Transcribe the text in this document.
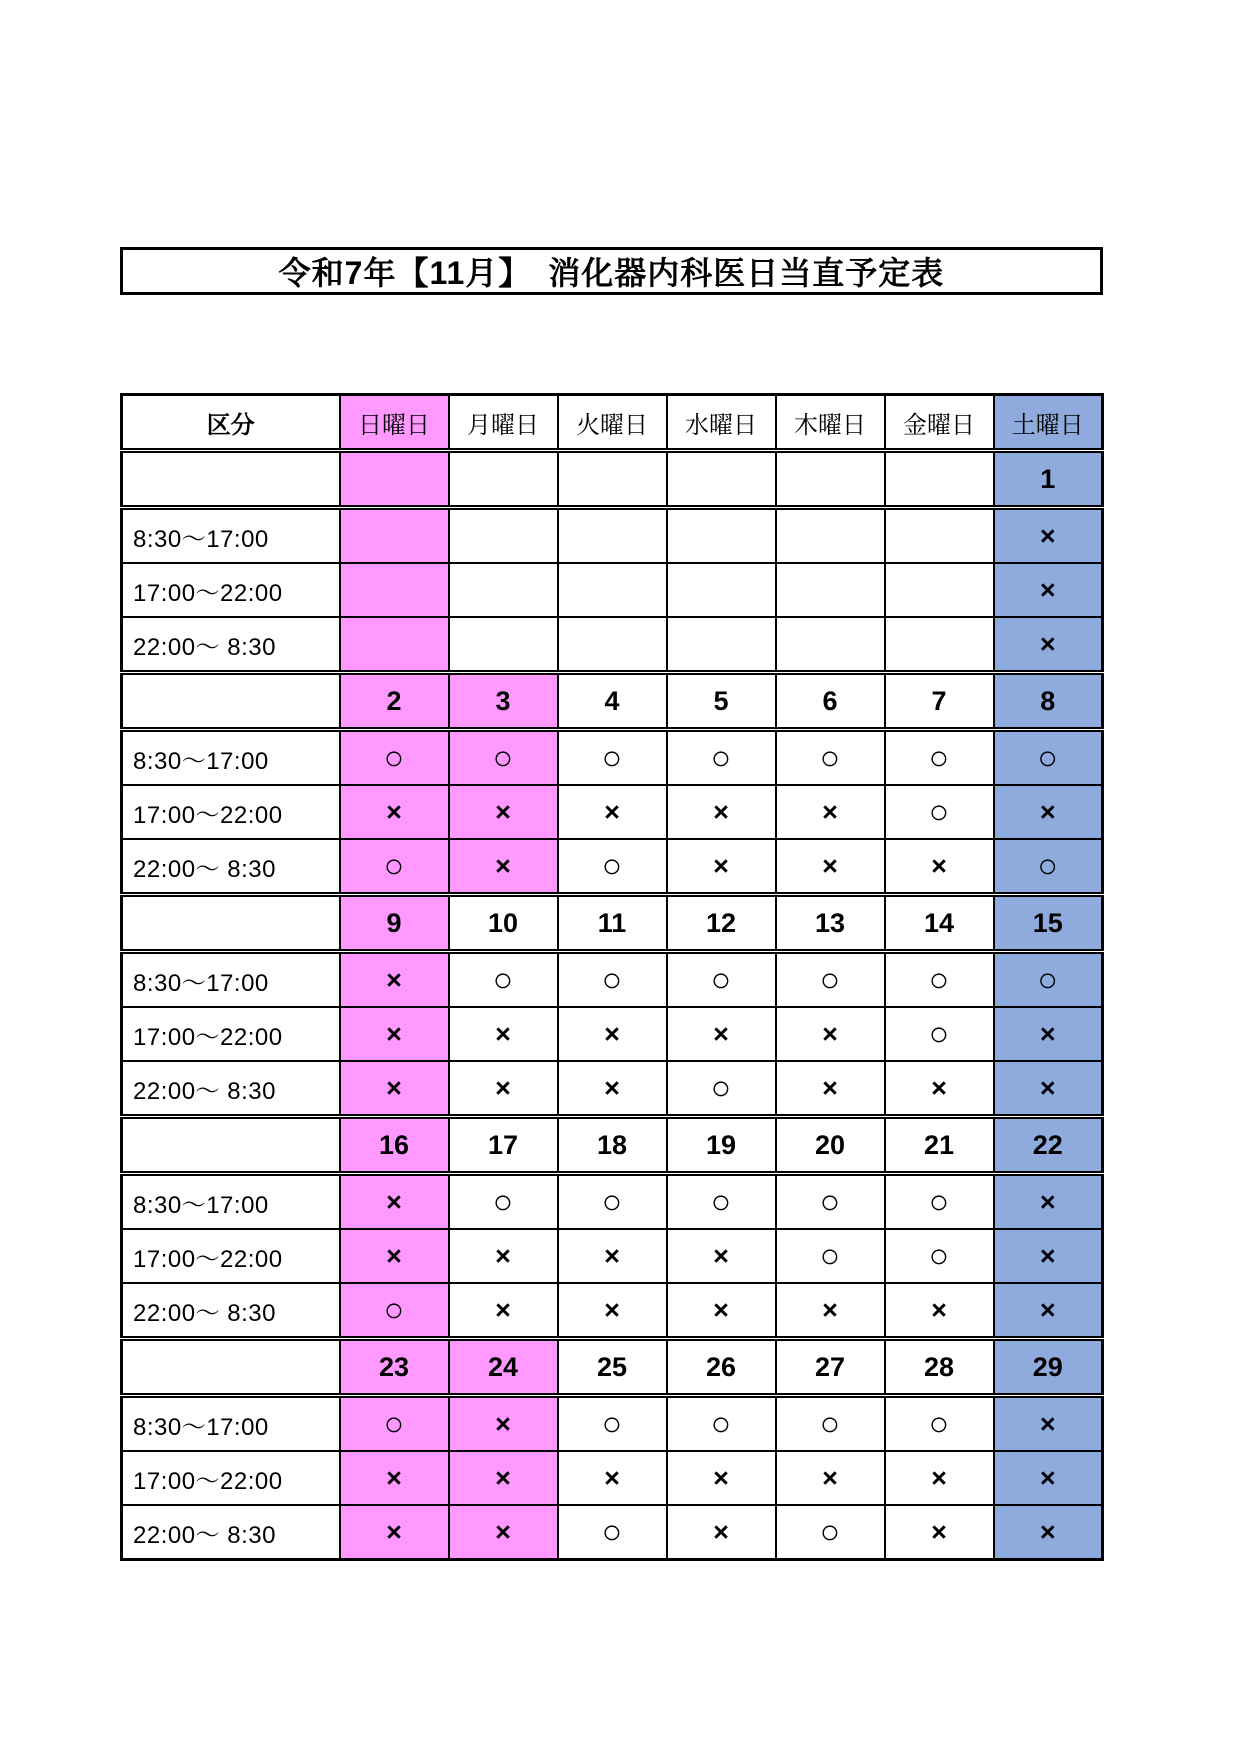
令和7年【11月】　消化器内科医日当直予定表
区分	日曜日	月曜日	火曜日	水曜日	木曜日	金曜日	土曜日
							1
8:30〜17:00							×
17:00〜22:00							×
22:00〜 8:30							×
	2	3	4	5	6	7	8
8:30〜17:00	○	○	○	○	○	○	○
17:00〜22:00	×	×	×	×	×	○	×
22:00〜 8:30	○	×	○	×	×	×	○
	9	10	11	12	13	14	15
8:30〜17:00	×	○	○	○	○	○	○
17:00〜22:00	×	×	×	×	×	○	×
22:00〜 8:30	×	×	×	○	×	×	×
	16	17	18	19	20	21	22
8:30〜17:00	×	○	○	○	○	○	×
17:00〜22:00	×	×	×	×	○	○	×
22:00〜 8:30	○	×	×	×	×	×	×
	23	24	25	26	27	28	29
8:30〜17:00	○	×	○	○	○	○	×
17:00〜22:00	×	×	×	×	×	×	×
22:00〜 8:30	×	×	○	×	○	×	×
